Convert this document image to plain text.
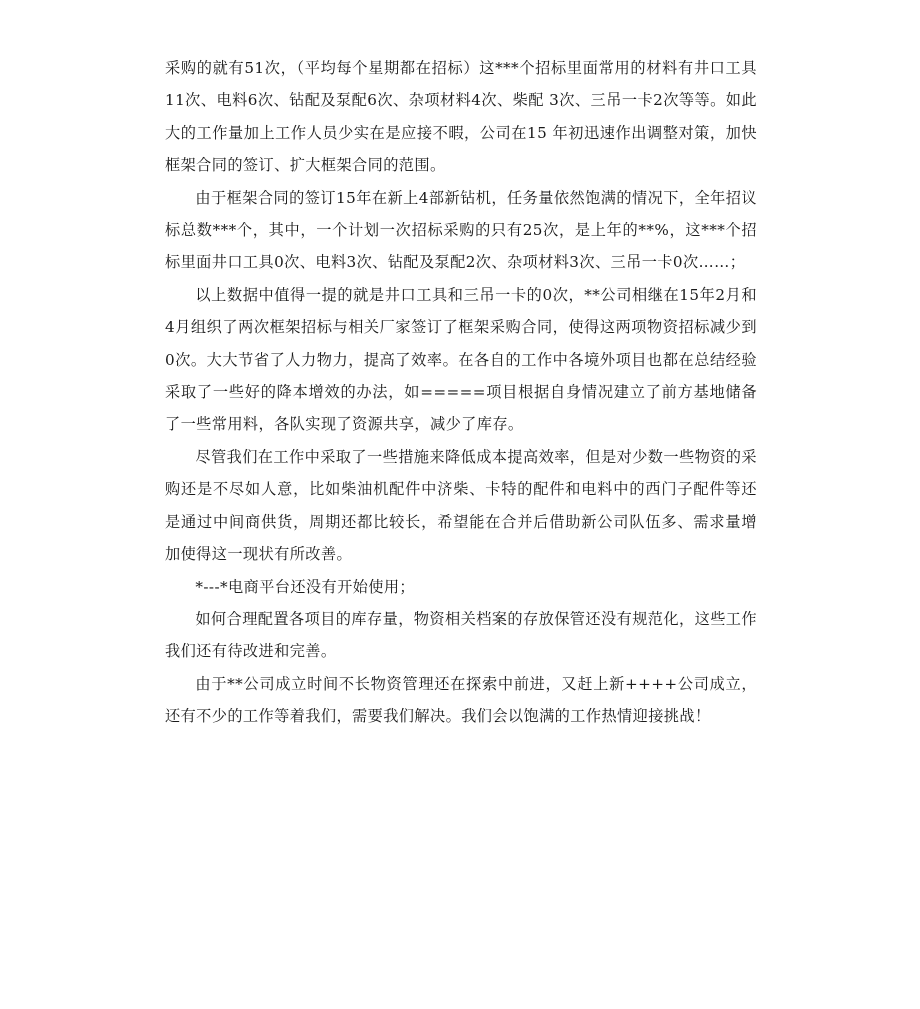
采购的就有51次，（平均每个星期都在招标）这***个招标里面常用的材料有井口工具11次、电料6次、钻配及泵配6次、杂项材料4次、柴配 3次、三吊一卡2次等等。如此大的工作量加上工作人员少实在是应接不暇，公司在15 年初迅速作出调整对策，加快框架合同的签订、扩大框架合同的范围。

由于框架合同的签订15年在新上4部新钻机，任务量依然饱满的情况下，全年招议标总数***个，其中，一个计划一次招标采购的只有25次，是上年的**%，这***个招标里面井口工具0次、电料3次、钻配及泵配2次、杂项材料3次、三吊一卡0次……；

以上数据中值得一提的就是井口工具和三吊一卡的0次，**公司相继在15年2月和4月组织了两次框架招标与相关厂家签订了框架采购合同，使得这两项物资招标减少到0次。大大节省了人力物力，提高了效率。在各自的工作中各境外项目也都在总结经验采取了一些好的降本增效的办法，如=====项目根据自身情况建立了前方基地储备了一些常用料，各队实现了资源共享，减少了库存。

尽管我们在工作中采取了一些措施来降低成本提高效率，但是对少数一些物资的采购还是不尽如人意，比如柴油机配件中济柴、卡特的配件和电料中的西门子配件等还是通过中间商供货，周期还都比较长，希望能在合并后借助新公司队伍多、需求量增加使得这一现状有所改善。

*---*电商平台还没有开始使用；

如何合理配置各项目的库存量，物资相关档案的存放保管还没有规范化，这些工作我们还有待改进和完善。

由于**公司成立时间不长物资管理还在探索中前进，又赶上新++++公司成立，还有不少的工作等着我们，需要我们解决。我们会以饱满的工作热情迎接挑战！
